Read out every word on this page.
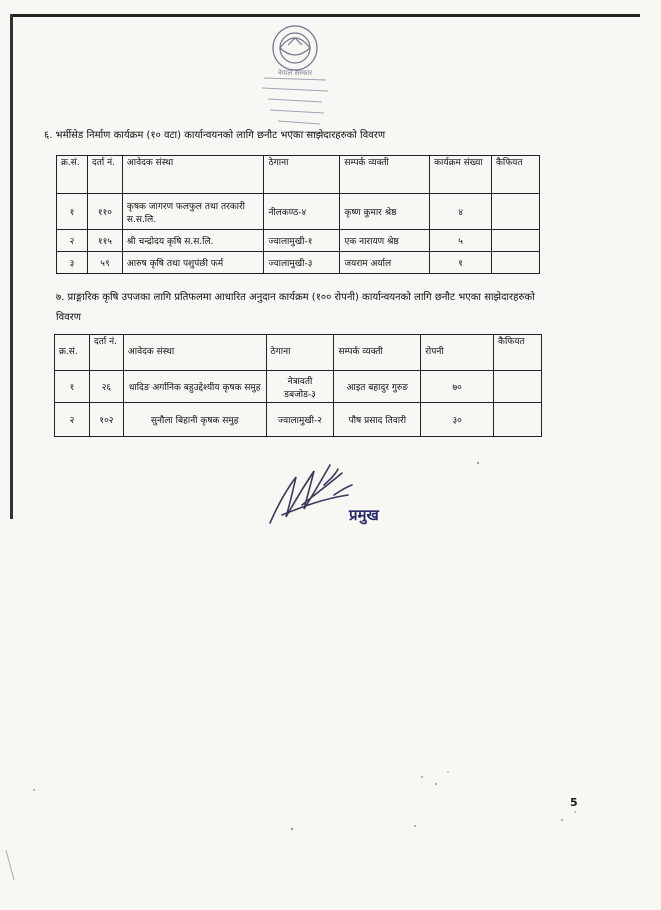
नेपाल सरकार
६. भर्मीसेड निर्माण कार्यक्रम (१० वटा) कार्यान्वयनको लागि छनौट भएका साझेदारहरुको विवरण
क्र.सं.	दर्ता नं.	आवेदक संस्था	ठेगाना	सम्पर्क व्यक्ती	कार्यक्रम संख्या	कैफियत
१	११०	कृषक जागरण फलफुल तथा तरकारी स.स.लि.	नीलकण्ठ-४	कृष्ण कुमार श्रेष्ठ	४	
२	११५	श्री चन्द्रोदय कृषि स.स.लि.	ज्वालामुखी-१	एक नारायण श्रेष्ठ	५	
३	५९	आरुष कृषि तथा पशुपंछी फर्म	ज्वालामुखी-३	जयराम अर्याल	१	
७. प्राङ्गारिक कृषि उपजका लागि प्रतिफलमा आधारित अनुदान कार्यक्रम (१०० रोपनी) कार्यान्वयनको लागि छनौट भएका साझेदारहरुको विवरण
क्र.सं.	दर्ता नं.	आवेदक संस्था	ठेगाना	सम्पर्क व्यक्ती	रोपनी	कैफियत
१	२६	धादिङ अर्गानिक बहुउद्देश्यीय कृषक समुह	नेत्रावती डबजोड-३	आइत बहादुर गुरुङ	७०	
२	१०२	सुनौला बिहानी कृषक समुह	ज्वालामुखी-२	पौष प्रसाद तिवारी	३०	
प्रमुख
5
